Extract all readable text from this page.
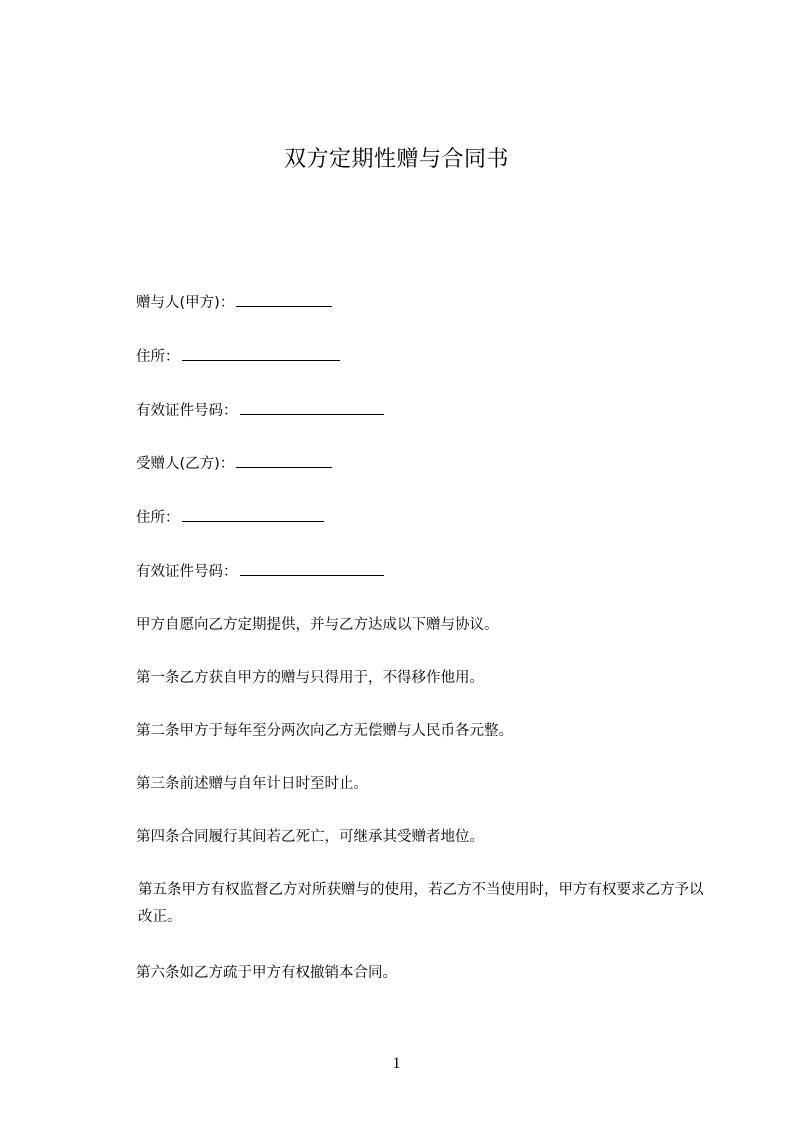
双方定期性赠与合同书
赠与人(甲方)：
住所：
有效证件号码：
受赠人(乙方)：
住所：
有效证件号码：
甲方自愿向乙方定期提供，并与乙方达成以下赠与协议。
第一条乙方获自甲方的赠与只得用于，不得移作他用。
第二条甲方于每年至分两次向乙方无偿赠与人民币各元整。
第三条前述赠与自年计日时至时止。
第四条合同履行其间若乙死亡，可继承其受赠者地位。
第五条甲方有权监督乙方对所获赠与的使用，若乙方不当使用时，甲方有权要求乙方予以改正。
第六条如乙方疏于甲方有权撤销本合同。
1
